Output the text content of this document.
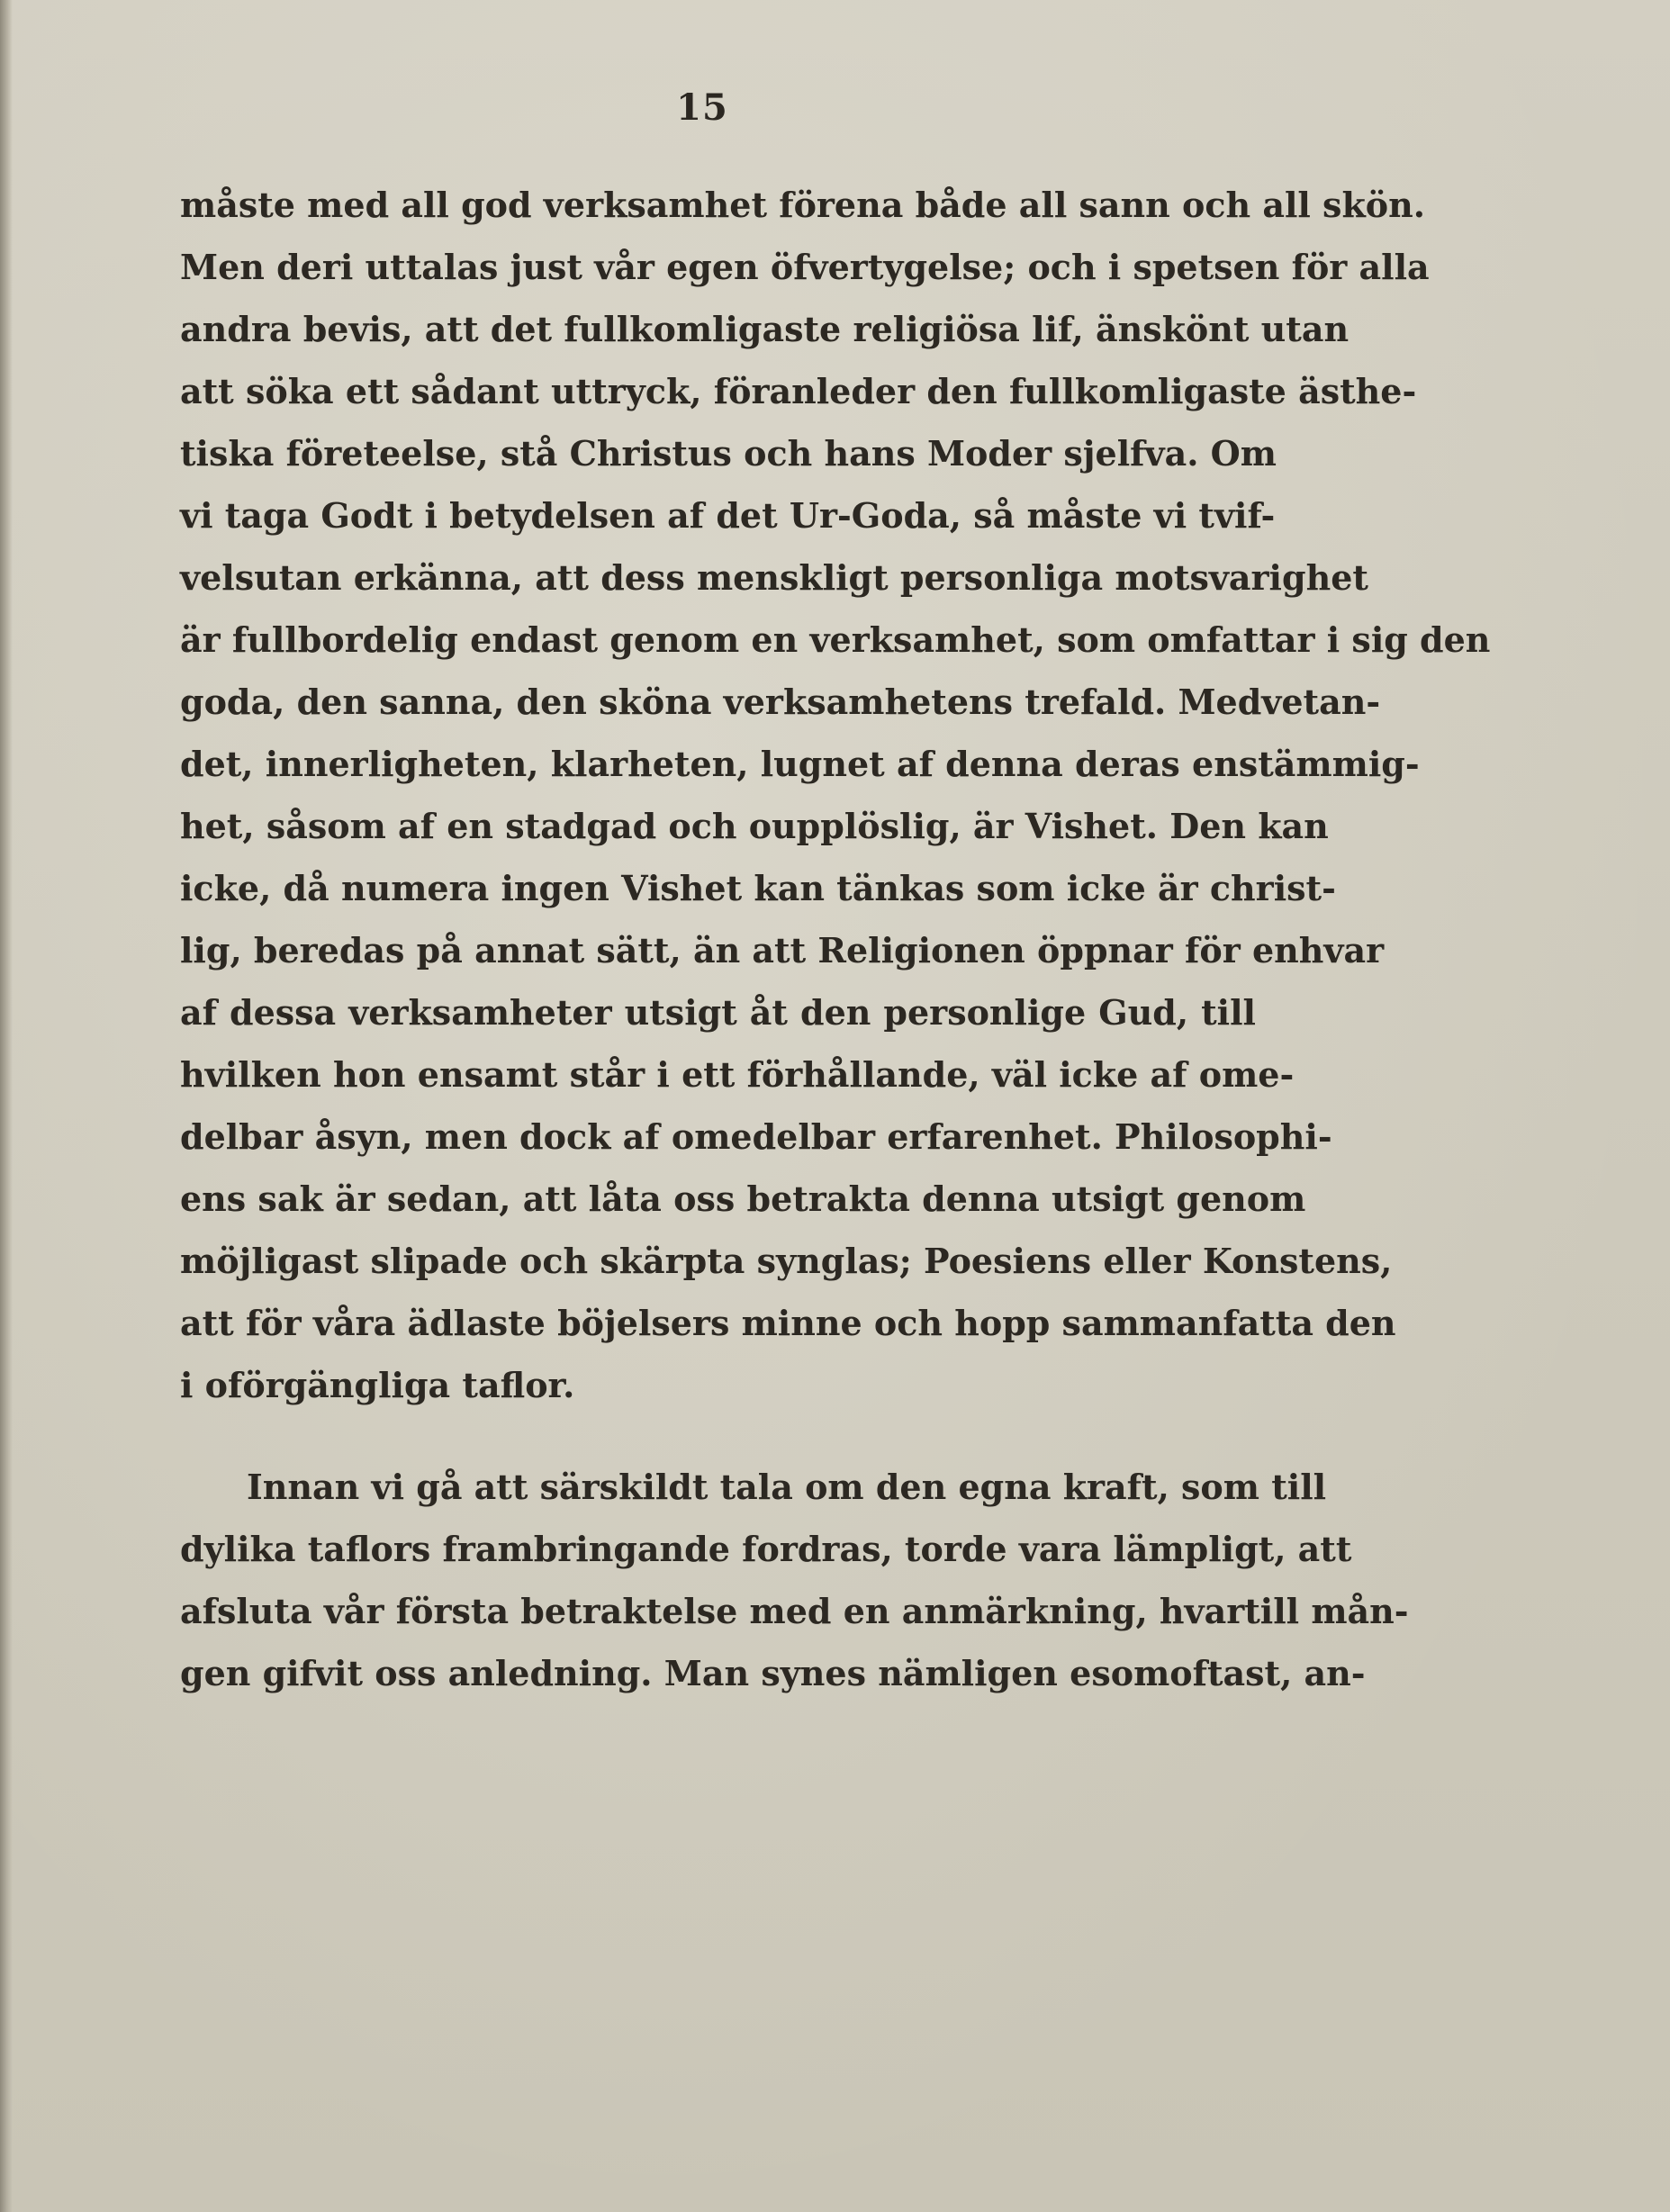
15
måste med all god verksamhet förena både all sann och all skön.
Men deri uttalas just vår egen öfvertygelse; och i spetsen för alla
andra bevis, att det fullkomligaste religiösa lif, änskönt utan
att söka ett sådant uttryck, föranleder den fullkomligaste ästhe-
tiska företeelse, stå Christus och hans Moder sjelfva. Om
vi taga Godt i betydelsen af det Ur-Goda, så måste vi tvif-
velsutan erkänna, att dess menskligt personliga motsvarighet
är fullbordelig endast genom en verksamhet, som omfattar i sig den
goda, den sanna, den sköna verksamhetens trefald. Medvetan-
det, innerligheten, klarheten, lugnet af denna deras enstämmig-
het, såsom af en stadgad och oupplöslig, är Vishet. Den kan
icke, då numera ingen Vishet kan tänkas som icke är christ-
lig, beredas på annat sätt, än att Religionen öppnar för enhvar
af dessa verksamheter utsigt åt den personlige Gud, till
hvilken hon ensamt står i ett förhållande, väl icke af ome-
delbar åsyn, men dock af omedelbar erfarenhet. Philosophi-
ens sak är sedan, att låta oss betrakta denna utsigt genom
möjligast slipade och skärpta synglas; Poesiens eller Konstens,
att för våra ädlaste böjelsers minne och hopp sammanfatta den
i oförgängliga taflor.
Innan vi gå att särskildt tala om den egna kraft, som till
dylika taflors frambringande fordras, torde vara lämpligt, att
afsluta vår första betraktelse med en anmärkning, hvartill mån-
gen gifvit oss anledning. Man synes nämligen esomoftast, an-
